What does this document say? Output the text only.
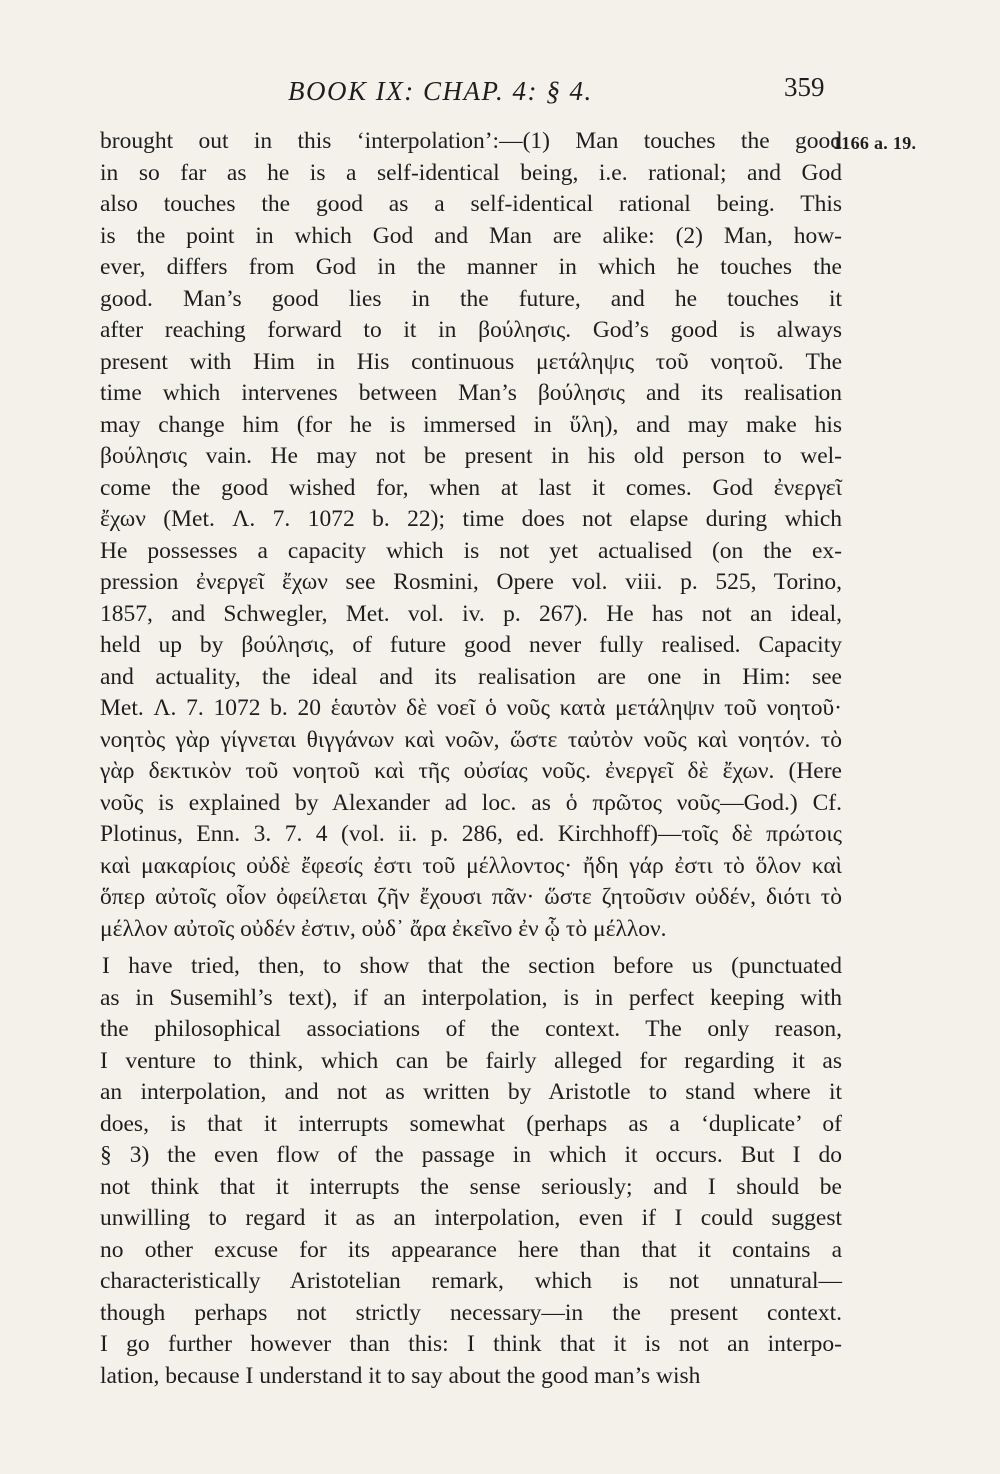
BOOK IX: CHAP. 4: § 4.	359
1166 a. 19.
brought out in this ‘interpolation’:—(1) Man touches the good
in so far as he is a self-identical being, i.e. rational; and God
also touches the good as a self-identical rational being. This
is the point in which God and Man are alike: (2) Man, how-
ever, differs from God in the manner in which he touches the
good. Man’s good lies in the future, and he touches it
after reaching forward to it in βούλησις. God’s good is always
present with Him in His continuous μετάληψις τοῦ νοητοῦ. The
time which intervenes between Man’s βούλησις and its realisation
may change him (for he is immersed in ὕλη), and may make his
βούλησις vain. He may not be present in his old person to wel-
come the good wished for, when at last it comes. God ἐνεργεῖ
ἔχων (Met. Λ. 7. 1072 b. 22); time does not elapse during which
He possesses a capacity which is not yet actualised (on the ex-
pression ἐνεργεῖ ἔχων see Rosmini, Opere vol. viii. p. 525, Torino,
1857, and Schwegler, Met. vol. iv. p. 267). He has not an ideal,
held up by βούλησις, of future good never fully realised. Capacity
and actuality, the ideal and its realisation are one in Him: see
Met. Λ. 7. 1072 b. 20 ἑαυτὸν δὲ νοεῖ ὁ νοῦς κατὰ μετάληψιν τοῦ νοητοῦ·
νοητὸς γὰρ γίγνεται θιγγάνων καὶ νοῶν, ὥστε ταὐτὸν νοῦς καὶ νοητόν. τὸ
γὰρ δεκτικὸν τοῦ νοητοῦ καὶ τῆς οὐσίας νοῦς. ἐνεργεῖ δὲ ἔχων. (Here
νοῦς is explained by Alexander ad loc. as ὁ πρῶτος νοῦς—God.) Cf.
Plotinus, Enn. 3. 7. 4 (vol. ii. p. 286, ed. Kirchhoff)—τοῖς δὲ πρώτοις
καὶ μακαρίοις οὐδὲ ἔφεσίς ἐστι τοῦ μέλλοντος· ἤδη γάρ ἐστι τὸ ὅλον καὶ
ὅπερ αὐτοῖς οἷον ὀφείλεται ζῆν ἔχουσι πᾶν· ὥστε ζητοῦσιν οὐδέν, διότι τὸ
μέλλον αὐτοῖς οὐδέν ἐστιν, οὐδ᾽ ἄρα ἐκεῖνο ἐν ᾧ τὸ μέλλον.
I have tried, then, to show that the section before us (punctuated
as in Susemihl’s text), if an interpolation, is in perfect keeping with
the philosophical associations of the context. The only reason,
I venture to think, which can be fairly alleged for regarding it as
an interpolation, and not as written by Aristotle to stand where it
does, is that it interrupts somewhat (perhaps as a ‘duplicate’ of
§ 3) the even flow of the passage in which it occurs. But I do
not think that it interrupts the sense seriously; and I should be
unwilling to regard it as an interpolation, even if I could suggest
no other excuse for its appearance here than that it contains a
characteristically Aristotelian remark, which is not unnatural—
though perhaps not strictly necessary—in the present context.
I go further however than this: I think that it is not an interpo-
lation, because I understand it to say about the good man’s wish
